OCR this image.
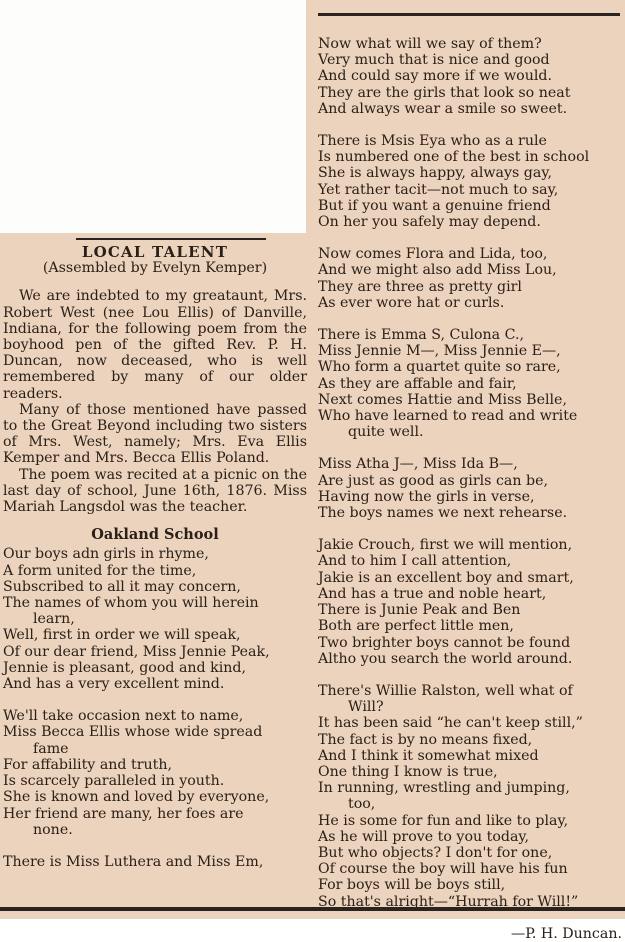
LOCAL TALENT

(Assembled by Evelyn Kemper)

We are indebted to my greataunt, Mrs. Robert West (nee Lou Ellis) of Danville, Indiana, for the following poem from the boyhood pen of the gifted Rev. P. H. Duncan, now deceased, who is well remembered by many of our older readers.

Many of those mentioned have passed to the Great Beyond including two sisters of Mrs. West, namely; Mrs. Eva Ellis Kemper and Mrs. Becca Ellis Poland.

The poem was recited at a picnic on the last day of school, June 16th, 1876. Miss Mariah Langsdol was the teacher.

Oakland School

Our boys adn girls in rhyme,
A form united for the time,
Subscribed to all it may concern,
The names of whom you will herein
learn,
Well, first in order we will speak,
Of our dear friend, Miss Jennie Peak,
Jennie is pleasant, good and kind,
And has a very excellent mind.
We'll take occasion next to name,
Miss Becca Ellis whose wide spread
fame
For affability and truth,
Is scarcely paralleled in youth.
She is known and loved by everyone,
Her friend are many, her foes are
none.
There is Miss Luthera and Miss Em,
Now what will we say of them?
Very much that is nice and good
And could say more if we would.
They are the girls that look so neat
And always wear a smile so sweet.
There is Msis Eya who as a rule
Is numbered one of the best in school
She is always happy, always gay,
Yet rather tacit—not much to say,
But if you want a genuine friend
On her you safely may depend.
Now comes Flora and Lida, too,
And we might also add Miss Lou,
They are three as pretty girl
As ever wore hat or curls.
There is Emma S, Culona C.,
Miss Jennie M—, Miss Jennie E—,
Who form a quartet quite so rare,
As they are affable and fair,
Next comes Hattie and Miss Belle,
Who have learned to read and write
quite well.
Miss Atha J—, Miss Ida B—,
Are just as good as girls can be,
Having now the girls in verse,
The boys names we next rehearse.
Jakie Crouch, first we will mention,
And to him I call attention,
Jakie is an excellent boy and smart,
And has a true and noble heart,
There is Junie Peak and Ben
Both are perfect little men,
Two brighter boys cannot be found
Altho you search the world around.
There's Willie Ralston, well what of
Will?
It has been said “he can't keep still,”
The fact is by no means fixed,
And I think it somewhat mixed
One thing I know is true,
In running, wrestling and jumping,
too,
He is some for fun and like to play,
As he will prove to you today,
But who objects? I don't for one,
Of course the boy will have his fun
For boys will be boys still,
So that's alright—“Hurrah for Will!”
—P. H. Duncan.
